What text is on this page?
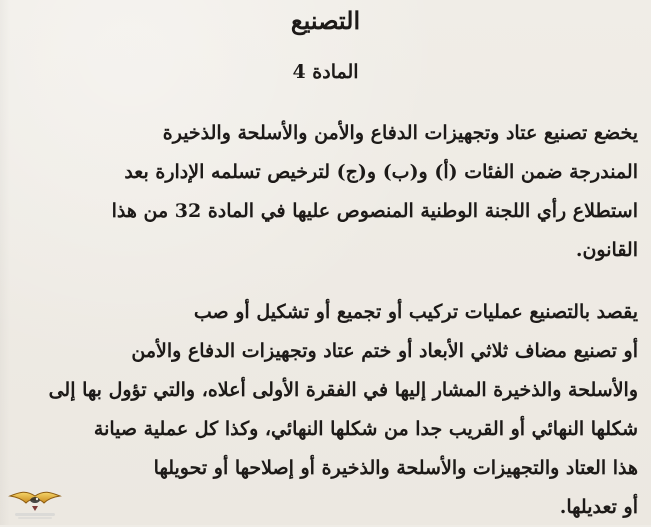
التصنيع
المادة 4
يخضع تصنيع عتاد وتجهيزات الدفاع والأمن والأسلحة والذخيرة
المندرجة ضمن الفئات (أ) و(ب) و(ج) لترخيص تسلمه الإدارة بعد
استطلاع رأي اللجنة الوطنية المنصوص عليها في المادة 32 من هذا
القانون.
يقصد بالتصنيع عمليات تركيب أو تجميع أو تشكيل أو صب
أو تصنيع مضاف ثلاثي الأبعاد أو ختم عتاد وتجهيزات الدفاع والأمن
والأسلحة والذخيرة المشار إليها في الفقرة الأولى أعلاه، والتي تؤول بها إلى
شكلها النهائي أو القريب جدا من شكلها النهائي، وكذا كل عملية صيانة
هذا العتاد والتجهيزات والأسلحة والذخيرة أو إصلاحها أو تحويلها
أو تعديلها.
